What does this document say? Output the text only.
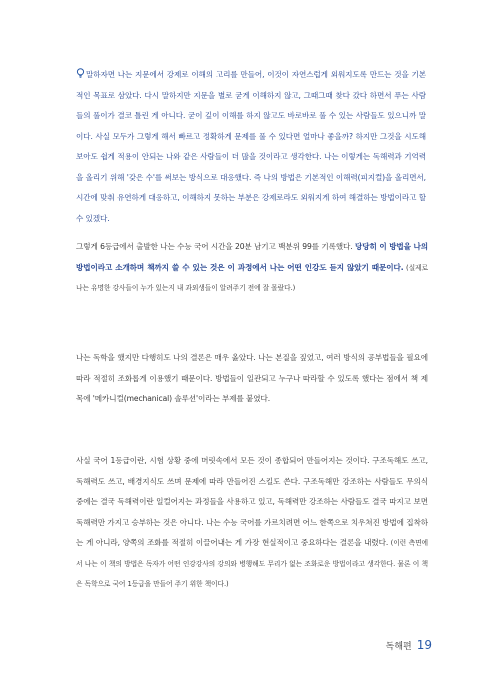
말하자면 나는 지문에서 강제로 이해의 고리를 만들어, 이것이 자연스럽게 외워지도록 만드는 것을 기본적인 목표로 삼았다. 다시 말하지만 지문을 별로 굳게 이해하지 않고, 그때그때 찾다 갔다 하면서 푸는 사람들의 풀이가 결코 틀린 게 아니다. 굳이 깊이 이해를 하지 않고도 바로바로 풀 수 있는 사람들도 있으니까 말이다. 사실 모두가 그렇게 해서 빠르고 정확하게 문제를 풀 수 있다면 얼마나 좋을까? 하지만 그것을 시도해 보아도 쉽게 적용이 안되는 나와 같은 사람들이 더 많을 것이라고 생각한다. 나는 이렇게는 독해력과 기억력을 올리기 위해 '갖은 수'를 써보는 방식으로 대응했다. 즉 나의 방법은 기본적인 이해력(피지컬)을 올리면서, 시간에 맞춰 유연하게 대응하고, 이해하지 못하는 부분은 강제로라도 외워지게 하여 해결하는 방법이라고 할 수 있겠다.
그렇게 6등급에서 출발한 나는 수능 국어 시간을 20분 남기고 백분위 99를 기록했다. 당당히 이 방법을 나의 방법이라고 소개하며 책까지 쓸 수 있는 것은 이 과정에서 나는 어떤 인강도 듣지 않았기 때문이다. (실제로 나는 유명한 강사들이 누가 있는지 내 과외생들이 알려주기 전에 잘 몰랐다.)
나는 독학을 했지만 다행히도 나의 결론은 매우 옳았다. 나는 본질을 짚었고, 여러 방식의 공부법들을 필요에 따라 적절히 조화롭게 이용했기 때문이다. 방법들이 일관되고 누구나 따라할 수 있도록 했다는 점에서 책 제목에 '메카니컬(mechanical) 솔루션'이라는 부제를 붙였다.
사실 국어 1등급이란, 시험 상황 중에 머릿속에서 모든 것이 종합되어 만들어지는 것이다. 구조독해도 쓰고, 독해력도 쓰고, 배경지식도 쓰며 문제에 따라 만들어진 스킬도 쓴다. 구조독해만 강조하는 사람들도 무의식 중에는 결국 독해력이란 일컬어지는 과정들을 사용하고 있고, 독해력만 강조하는 사람들도 결국 따지고 보면 독해력만 가지고 승부하는 것은 아니다. 나는 수능 국어를 가르치려면 어느 한쪽으로 치우쳐진 방법에 집착하는 게 아니라, 양쪽의 조화를 적절히 이끌어내는 게 가장 현실적이고 중요하다는 결론을 내렸다. (이런 측면에서 나는 이 책의 방법은 독자가 어떤 인강강사의 강의와 병행해도 무리가 없는 조화로운 방법이라고 생각한다. 물론 이 책은 독학으로 국어 1등급을 만들어 주기 위한 책이다.)
독해편 19
